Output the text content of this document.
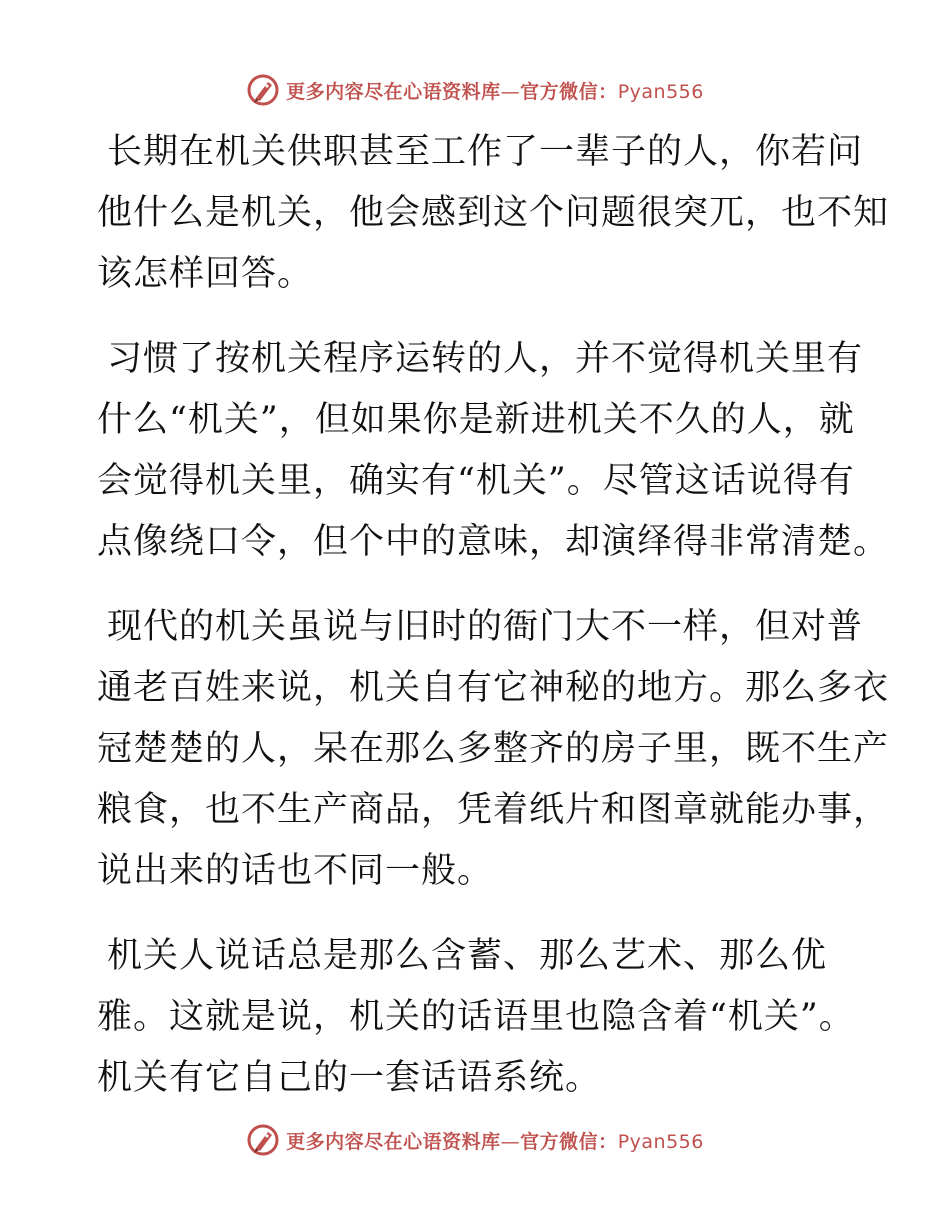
更多内容尽在心语资料库—官方微信：Pyan556

长期在机关供职甚至工作了一辈子的人，你若问
他什么是机关，他会感到这个问题很突兀，也不知
该怎样回答。

习惯了按机关程序运转的人，并不觉得机关里有
什么“机关”，但如果你是新进机关不久的人，就
会觉得机关里，确实有“机关”。尽管这话说得有
点像绕口令，但个中的意味，却演绎得非常清楚。

现代的机关虽说与旧时的衙门大不一样，但对普
通老百姓来说，机关自有它神秘的地方。那么多衣
冠楚楚的人，呆在那么多整齐的房子里，既不生产
粮食，也不生产商品，凭着纸片和图章就能办事，
说出来的话也不同一般。

机关人说话总是那么含蓄、那么艺术、那么优
雅。这就是说，机关的话语里也隐含着“机关”。
机关有它自己的一套话语系统。

更多内容尽在心语资料库—官方微信：Pyan556
